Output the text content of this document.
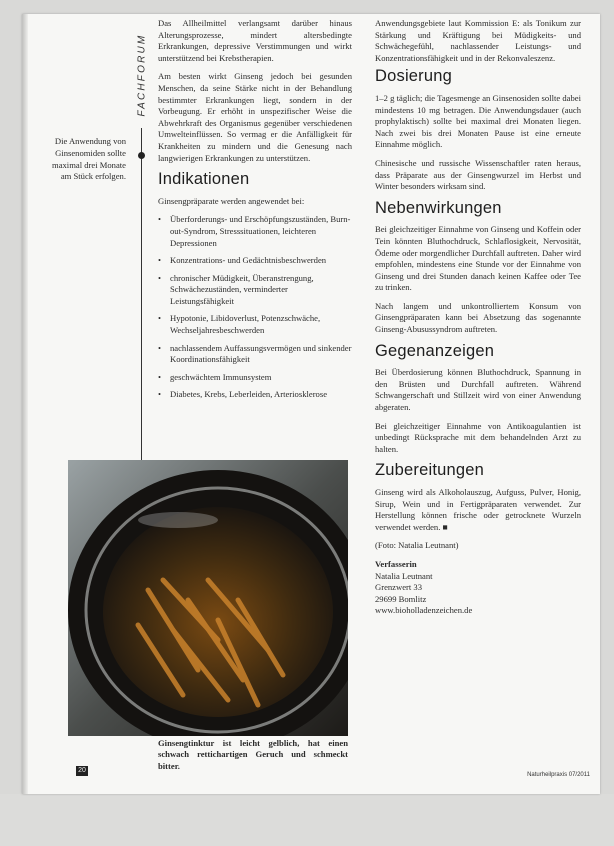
FACHFORUM
Die Anwendung von Ginsenomiden sollte maximal drei Monate am Stück erfolgen.

Das Allheilmittel verlangsamt darüber hinaus Alterungsprozesse, mindert altersbedingte Erkrankungen, depressive Verstimmungen und wirkt unterstützend bei Krebstherapien.

Am besten wirkt Ginseng jedoch bei gesunden Menschen, da seine Stärke nicht in der Behandlung bestimmter Erkrankungen liegt, sondern in der Vorbeugung. Er erhöht in unspezifischer Weise die Abwehrkraft des Organismus gegenüber verschiedenen Umwelteinflüssen. So vermag er die Anfälligkeit für Krankheiten zu mindern und die Genesung nach langwierigen Erkrankungen zu unterstützen.

Indikationen

Ginsengpräparate werden angewendet bei:

• Überforderungs- und Erschöpfungszuständen, Burn-out-Syndrom, Stresssituationen, leichteren Depressionen
• Konzentrations- und Gedächtnisbeschwerden
• chronischer Müdigkeit, Überanstrengung, Schwächezuständen, verminderter Leistungsfähigkeit
• Hypotonie, Libidoverlust, Potenzschwäche, Wechseljahresbeschwerden
• nachlassendem Auffassungsvermögen und sinkender Koordinationsfähigkeit
• geschwächtem Immunsystem
• Diabetes, Krebs, Leberleiden, Arteriosklerose
Ginsengtinktur ist leicht gelblich, hat einen schwach rettichartigen Geruch und schmeckt bitter.

Anwendungsgebiete laut Kommission E: als Tonikum zur Stärkung und Kräftigung bei Müdigkeits- und Schwächegefühl, nachlassender Leistungs- und Konzentrationsfähigkeit und in der Rekonvaleszenz.

Dosierung

1–2 g täglich; die Tagesmenge an Ginsenosiden sollte dabei mindestens 10 mg betragen. Die Anwendungsdauer (auch prophylaktisch) sollte bei maximal drei Monaten liegen. Nach zwei bis drei Monaten Pause ist eine erneute Einnahme möglich.

Chinesische und russische Wissenschaftler raten heraus, dass Präparate aus der Ginsengwurzel im Herbst und Winter besonders wirksam sind.

Nebenwirkungen

Bei gleichzeitiger Einnahme von Ginseng und Koffein oder Tein könnten Bluthochdruck, Schlaflosigkeit, Nervosität, Ödeme oder morgendlicher Durchfall auftreten. Daher wird empfohlen, mindestens eine Stunde vor der Einnahme von Ginseng und drei Stunden danach keinen Kaffee oder Tee zu trinken.

Nach langem und unkontrolliertem Konsum von Ginsengpräparaten kann bei Absetzung das sogenannte Ginseng-Abusussyndrom auftreten.

Gegenanzeigen

Bei Überdosierung können Bluthochdruck, Spannung in den Brüsten und Durchfall auftreten. Während Schwangerschaft und Stillzeit wird von einer Anwendung abgeraten.

Bei gleichzeitiger Einnahme von Antikoagulantien ist unbedingt Rücksprache mit dem behandelnden Arzt zu halten.

Zubereitungen

Ginseng wird als Alkoholauszug, Aufguss, Pulver, Honig, Sirup, Wein und in Fertigpräparaten verwendet. Zur Herstellung können frische oder getrocknete Wurzeln verwendet werden. ■

(Foto: Natalia Leutnant)

Verfasserin
Natalia Leutnant
Grenzwert 33
29699 Bomlitz
www.bioholladenzeichen.de
20
Naturheilpraxis 07/2011
